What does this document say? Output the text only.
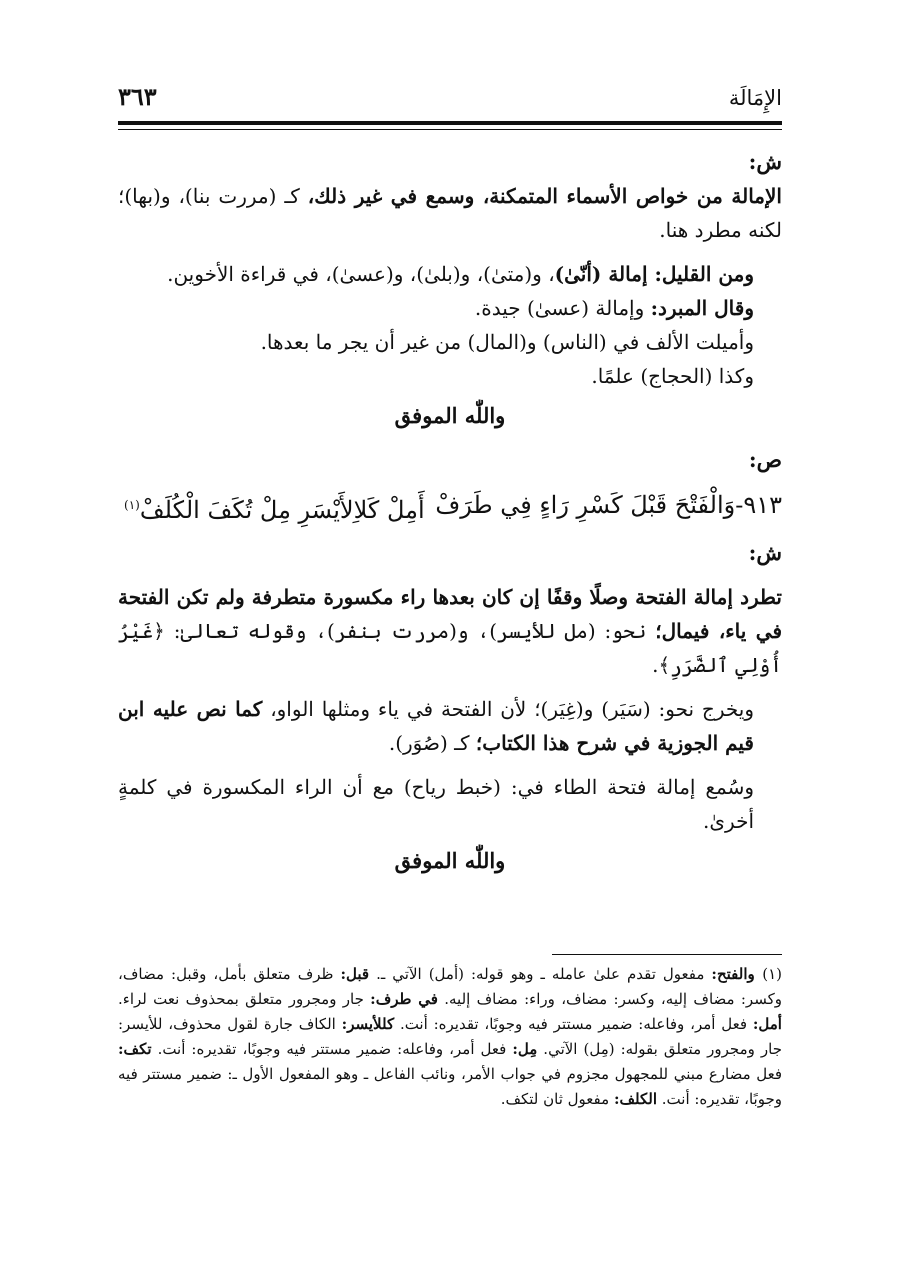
الإِمَالَة
٣٦٣

ش:

الإمالة من خواص الأسماء المتمكنة، وسمع في غير ذلك، كـ (مررت بنا)، و(بها)؛ لكنه مطرد هنا.

ومن القليل: إمالة (أنّىٰ)، و(متىٰ)، و(بلىٰ)، و(عسىٰ)، في قراءة الأخوين.

وقال المبرد: وإمالة (عسىٰ) جيدة.

وأميلت الألف في (الناس) و(المال) من غير أن يجر ما بعدها.

وكذا (الحجاج) علمًا.

واللّٰه الموفق

ص:

٩١٣-وَالْفَتْحَ قَبْلَ كَسْرِ رَاءٍ فِي طَرَفْ
أَمِلْ كَلاِلأَيْسَرِ مِلْ تُكَفَ الْكُلَفْ$^{(١)}$

ش:

تطرد إمالة الفتحة وصلًا وقفًا إن كان بعدها راء مكسورة متطرفة ولم تكن الفتحة في ياء، فيمال؛ نحو: (مل للأيسر)، و(مررت بنفر)، وقوله تعالىٰ: ﴿غَيْرُ أُوْلِي ٱلضَّرَرِ﴾.

ويخرج نحو: (سَيَر) و(غِيَر)؛ لأن الفتحة في ياء ومثلها الواو، كما نص عليه ابن قيم الجوزية في شرح هذا الكتاب؛ كـ (صُوَر).

وسُمع إمالة فتحة الطاء في: (خبط رياح) مع أن الراء المكسورة في كلمةٍ أخرىٰ.

واللّٰه الموفق

(١) والفتح: مفعول تقدم علىٰ عامله ـ وهو قوله: (أمل) الآتي ـ. قبل: ظرف متعلق بأمل، وقبل: مضاف، وكسر: مضاف إليه، وكسر: مضاف، وراء: مضاف إليه. في طرف: جار ومجرور متعلق بمحذوف نعت لراء. أمل: فعل أمر، وفاعله: ضمير مستتر فيه وجوبًا، تقديره: أنت. كللأيسر: الكاف جارة لقول محذوف، للأيسر: جار ومجرور متعلق بقوله: (مِل) الآتي. مِل: فعل أمر، وفاعله: ضمير مستتر فيه وجوبًا، تقديره: أنت. تكف: فعل مضارع مبني للمجهول مجزوم في جواب الأمر، ونائب الفاعل ـ وهو المفعول الأول ـ: ضمير مستتر فيه وجوبًا، تقديره: أنت. الكلف: مفعول ثان لتكف.
